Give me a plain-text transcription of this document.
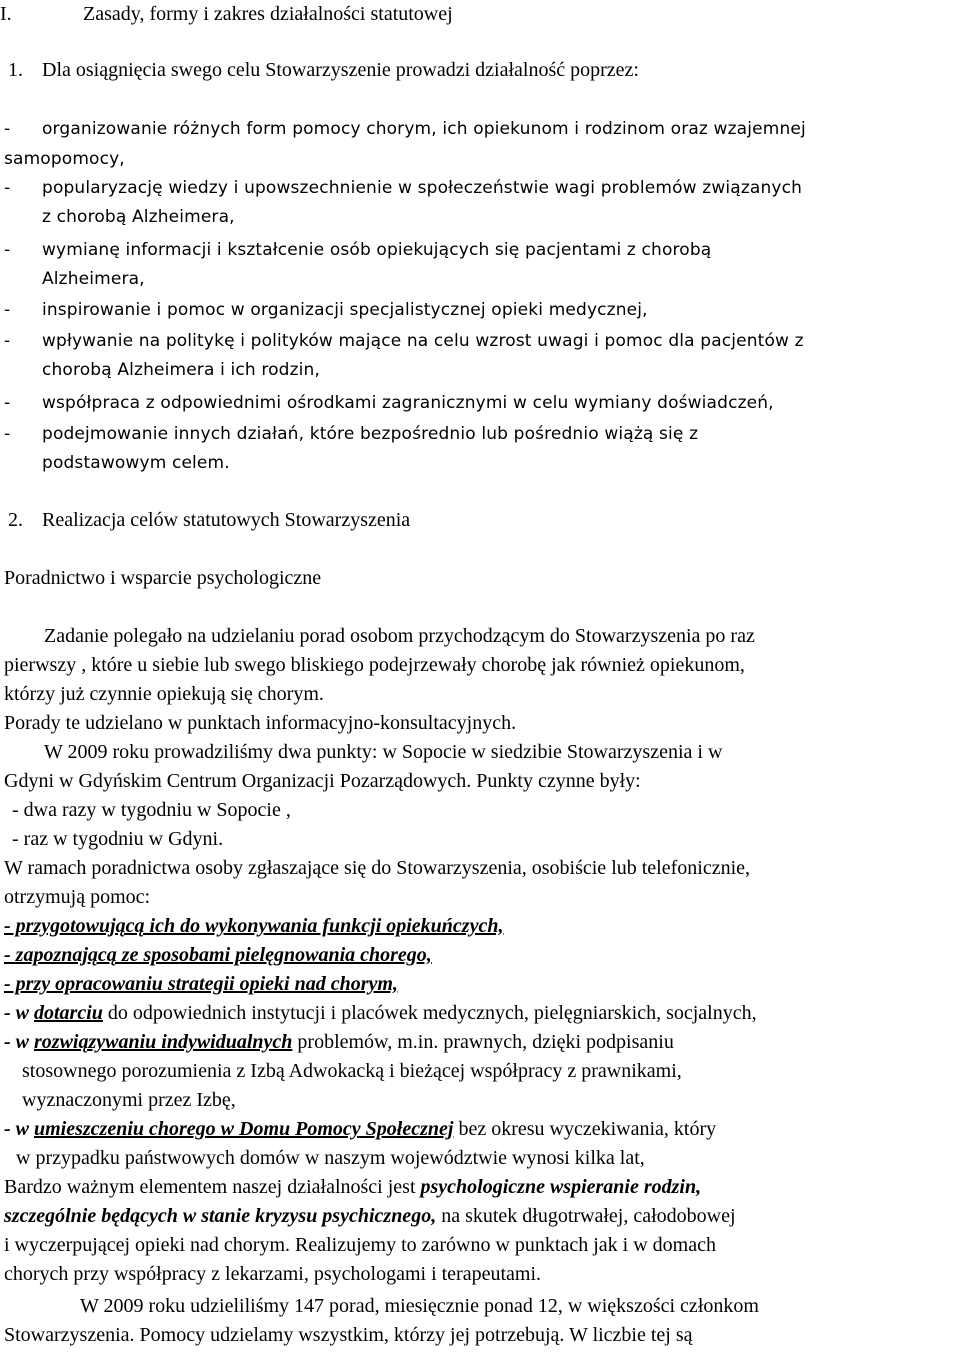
I.	Zasady, formy i zakres działalności statutowej
1. Dla osiągnięcia swego celu Stowarzyszenie prowadzi działalność poprzez:
- organizowanie różnych form pomocy chorym, ich opiekunom i rodzinom oraz wzajemnej
samopomocy,
- popularyzację wiedzy i upowszechnienie w społeczeństwie wagi problemów związanych
z chorobą Alzheimera,
- wymianę informacji i kształcenie osób opiekujących się pacjentami z chorobą
Alzheimera,
- inspirowanie i pomoc w organizacji specjalistycznej opieki medycznej,
- wpływanie na politykę i polityków mające na celu wzrost uwagi i pomoc dla pacjentów z
chorobą Alzheimera i ich rodzin,
- współpraca z odpowiednimi ośrodkami zagranicznymi w celu wymiany doświadczeń,
- podejmowanie innych działań, które bezpośrednio lub pośrednio wiążą się z
podstawowym celem.
2. Realizacja celów statutowych Stowarzyszenia
Poradnictwo i wsparcie psychologiczne
Zadanie polegało na udzielaniu porad osobom przychodzącym do Stowarzyszenia po raz
pierwszy , które u siebie lub swego bliskiego podejrzewały chorobę jak również opiekunom,
którzy już czynnie opiekują się chorym.
Porady te udzielano w punktach informacyjno-konsultacyjnych.
W 2009 roku prowadziliśmy dwa punkty: w Sopocie w siedzibie Stowarzyszenia i w
Gdyni w Gdyńskim Centrum Organizacji Pozarządowych. Punkty czynne były:
- dwa razy w tygodniu w Sopocie ,
- raz w tygodniu w Gdyni.
W ramach poradnictwa osoby zgłaszające się do Stowarzyszenia, osobiście lub telefonicznie,
otrzymują pomoc:
- przygotowującą ich do wykonywania funkcji opiekuńczych,
- zapoznającą ze sposobami pielęgnowania chorego,
- przy opracowaniu strategii opieki nad chorym,
- w dotarciu do odpowiednich instytucji i placówek medycznych, pielęgniarskich, socjalnych,
- w rozwiązywaniu indywidualnych problemów, m.in. prawnych, dzięki podpisaniu
stosownego porozumienia z Izbą Adwokacką i bieżącej współpracy z prawnikami,
wyznaczonymi przez Izbę,
- w umieszczeniu chorego w Domu Pomocy Społecznej bez okresu wyczekiwania, który
w przypadku państwowych domów w naszym województwie wynosi kilka lat,
Bardzo ważnym elementem naszej działalności jest psychologiczne wspieranie rodzin,
szczególnie będących w stanie kryzysu psychicznego, na skutek długotrwałej, całodobowej
i wyczerpującej opieki nad chorym. Realizujemy to zarówno w punktach jak i w domach
chorych przy współpracy z lekarzami, psychologami i terapeutami.
W 2009 roku udzieliliśmy 147 porad, miesięcznie ponad 12, w większości członkom
Stowarzyszenia. Pomocy udzielamy wszystkim, którzy jej potrzebują. W liczbie tej są
